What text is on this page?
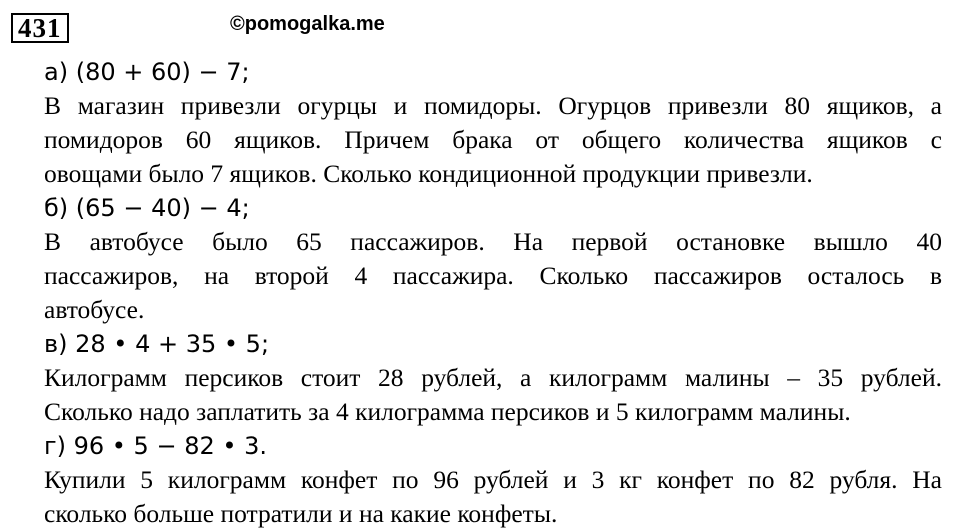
431	©pomogalka.me
а) (80 + 60) − 7;
В магазин привезли огурцы и помидоры. Огурцов привезли 80 ящиков, а
помидоров 60 ящиков. Причем брака от общего количества ящиков с
овощами было 7 ящиков. Сколько кондиционной продукции привезли.
б) (65 − 40) − 4;
В автобусе было 65 пассажиров. На первой остановке вышло 40
пассажиров, на второй 4 пассажира. Сколько пассажиров осталось в
автобусе.
в) 28 • 4 + 35 • 5;
Килограмм персиков стоит 28 рублей, а килограмм малины – 35 рублей.
Сколько надо заплатить за 4 килограмма персиков и 5 килограмм малины.
г) 96 • 5 − 82 • 3.
Купили 5 килограмм конфет по 96 рублей и 3 кг конфет по 82 рубля. На
сколько больше потратили и на какие конфеты.
